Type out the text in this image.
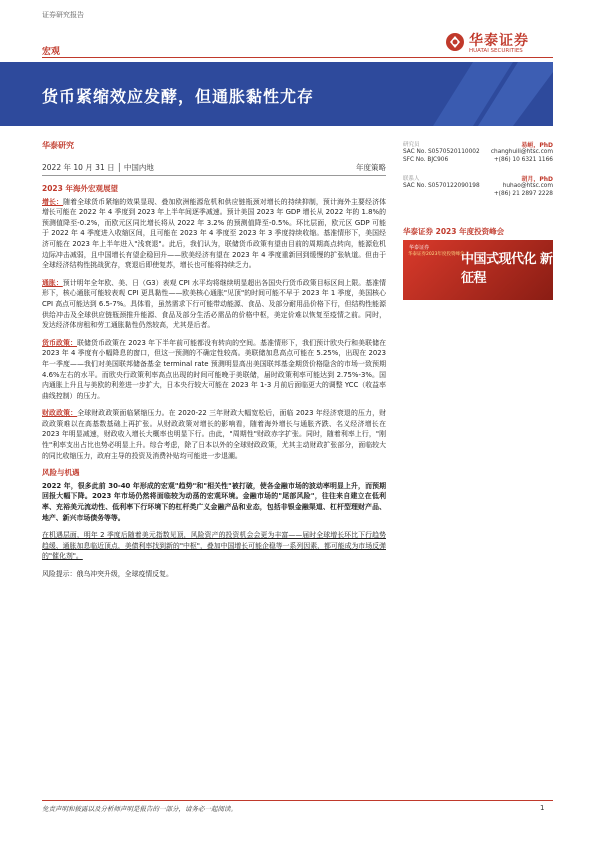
证券研究报告
宏观
华泰证券
HUATAI SECURITIES
货币紧缩效应发酵，但通胀黏性尤存
华泰研究
2022 年 10 月 31 日 │ 中国内地	年度策略
2023 年海外宏观展望

增长：随着全球货币紧缩的效果显现、叠加欧洲能源危机和供应链瓶颈对增长的持续抑制，预计海外主要经济体增长可能在 2022 年 4 季度到 2023 年上半年间逐季减速。预计美国 2023 年 GDP 增长从 2022 年的 1.8%的预测值降至-0.2%，而欧元区同比增长将从 2022 年 3.2% 的预测值降至-0.5%。环比层面，欧元区 GDP 可能于 2022 年 4 季度进入收缩区间，且可能在 2023 年 4 季度至 2023 年 3 季度持续收缩。基准情形下，美国经济可能在 2023 年上半年进入"浅衰退"。此后，我们认为，联储货币政策有望由目前的周期高点转向，能源危机边际冲击减弱，且中国增长有望企稳回升——欧美经济有望在 2023 年 4 季度重新回到缓慢的扩张轨道。但由于全球经济结构性挑战犹存，衰退后即使复苏，增长也可能将持续乏力。

通胀：预计明年全年欧、美、日（G3）表观 CPI 水平均将继续明显超出各国央行货币政策目标区间上限。基准情形下，核心通胀可能较表观 CPI 更具黏性——欧美核心通胀"见顶"的时间可能不早于 2023 年 1 季度，美国核心 CPI 高点可能达到 6.5-7%。具体看，虽然需求下行可能带动能源、食品、及部分耐用品价格下行，但结构性能源供给冲击及全球供应链瓶颈推升能源、食品及部分生活必需品的价格中枢，美定价难以恢复至疫情之前。同时，发达经济体房租和劳工通胀黏性仍然较高，尤其是后者。

货币政策：联储货币政策在 2023 年下半年前可能都没有转向的空间。基准情形下，我们预计欧央行和美联储在 2023 年 4 季度有小幅降息的窗口，但这一预测的不确定性较高。美联储加息高点可能在 5.25%，出现在 2023 年一季度——我们对美国联邦储备基金 terminal rate 预测明显高出美国联邦基金期货价格隐含的市场一致预期 4.6%左右的水平。而欧央行政策利率高点出现的时间可能晚于美联储，届时政策利率可能达到 2.75%-3%。国内通胀上升且与美欧的利差进一步扩大，日本央行较大可能在 2023 年 1-3 月前后面临更大的调整 YCC（收益率曲线控制）的压力。

财政政策：全球财政政策面临紧缩压力。在 2020-22 三年财政大幅宽松后，面临 2023 年经济衰退的压力，财政政策难以在高基数基础上再扩张。从财政政策对增长的影响看，随着海外增长与通胀齐跌、名义经济增长在 2023 年明显减速，财政收入增长大概率也明显下行。由此，"周期性"财政赤字扩张。同时，随着利率上行，"刚性"利率支出占比也势必明显上升。综合考虑，除了日本以外的全球财政政策，尤其主动财政扩张部分，面临较大的同比收缩压力，政府主导的投资及消费补贴均可能进一步退潮。

风险与机遇

2022 年，很多此前 30-40 年形成的宏观"趋势"和"相关性"被打破，使各金融市场的波动率明显上升，而预期回报大幅下降。2023 年市场仍然将面临较为动荡的宏观环境。金融市场的"尾部风险"，往往来自建立在低利率、充裕美元流动性、低利率下行环境下的杠杆类广义金融产品和业态，包括非银金融渠道、杠杆型理财产品、地产、新兴市场债务等等。

在机遇层面，明年 2 季度后随着美元指数见顶，风险资产的投资机会会更为丰富——届时全球增长环比下行趋势趋缓、通胀加息临近顶点，美债利率找到新的"中枢"，叠加中国增长可能企稳等一系列因素，都可能成为市场反弹的"催化剂"。

风险提示：俄乌冲突升级，全球疫情反复。

研究员
SAC No. S0570520110002
SFC No. BJC906
易峘，PhD
changhuili@htsc.com
+(86) 10 6321 1166
联系人
SAC No. S0570122090198
胡月，PhD
huhao@htsc.com
+(86) 21 2897 2228
华泰证券 2023 年度投资峰会
华泰证券
华泰证券2023年度投资峰会
中国式现代化 新征程
免责声明和披露以及分析师声明是报告的一部分，请务必一起阅读。	1
